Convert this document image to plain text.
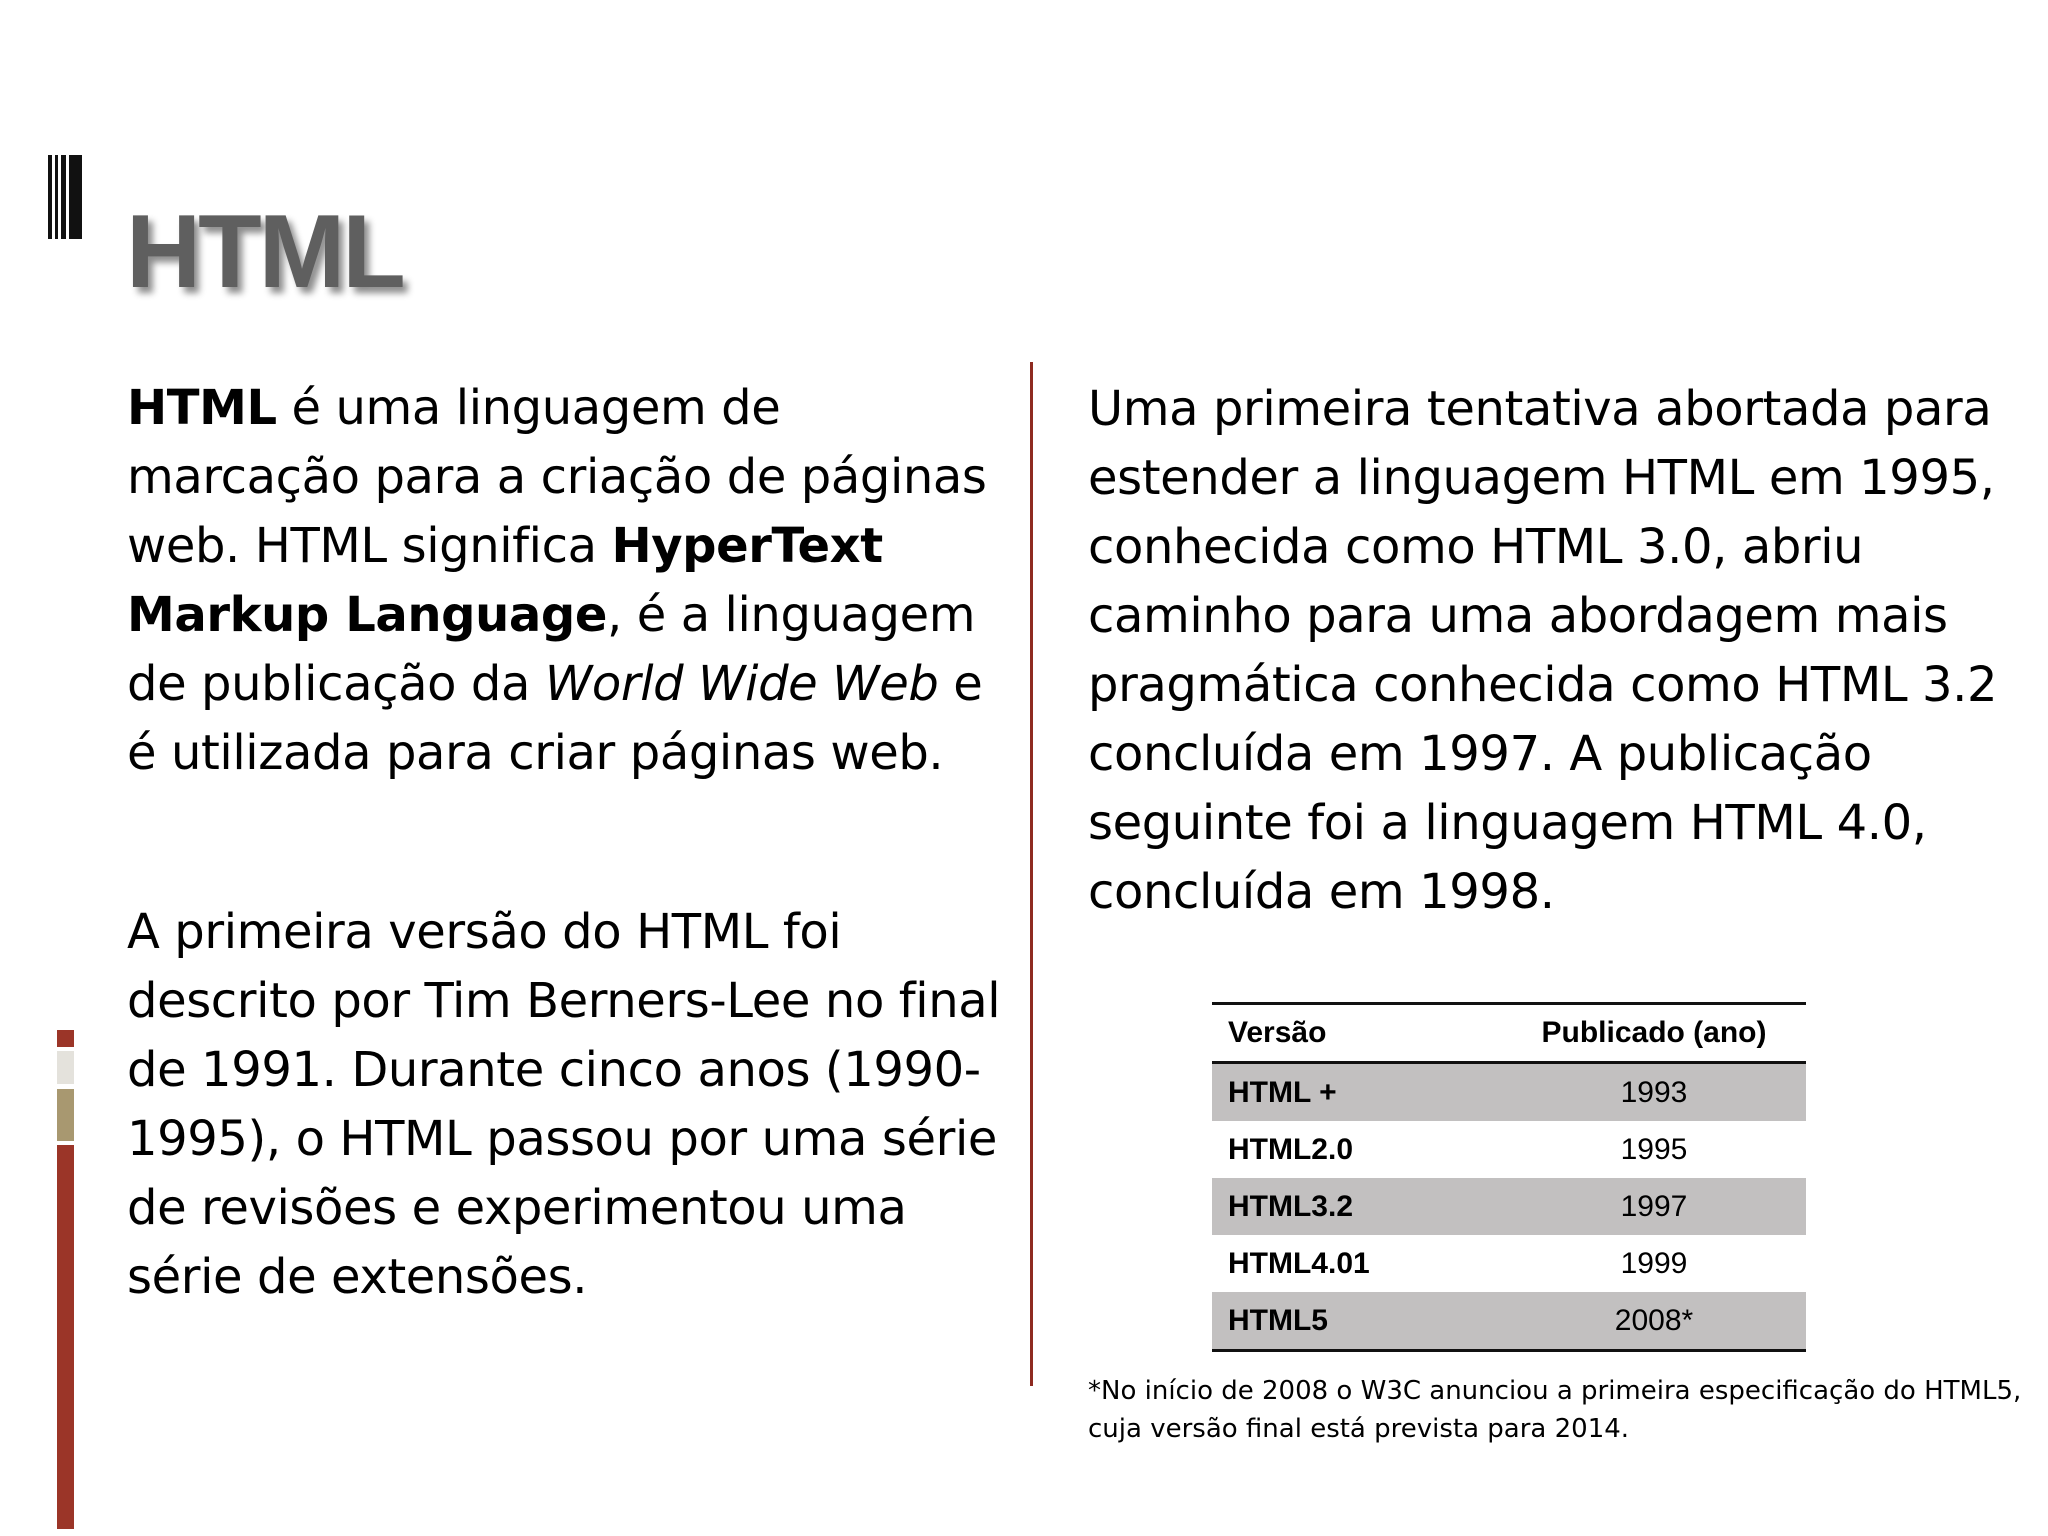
HTML

HTML é uma linguagem de marcação para a criação de páginas web. HTML significa HyperText Markup Language, é a linguagem de publicação da World Wide Web e é utilizada para criar páginas web.

A primeira versão do HTML foi descrito por Tim Berners-Lee no final de 1991. Durante cinco anos (1990-1995), o HTML passou por uma série de revisões e experimentou uma série de extensões.

Uma primeira tentativa abortada para estender a linguagem HTML em 1995, conhecida como HTML 3.0, abriu caminho para uma abordagem mais pragmática conhecida como HTML 3.2 concluída em 1997. A publicação seguinte foi a linguagem HTML 4.0, concluída em 1998.

Versão	Publicado (ano)
HTML +	1993
HTML2.0	1995
HTML3.2	1997
HTML4.01	1999
HTML5	2008*

*No início de 2008 o W3C anunciou a primeira especificação do HTML5, cuja versão final está prevista para 2014.
